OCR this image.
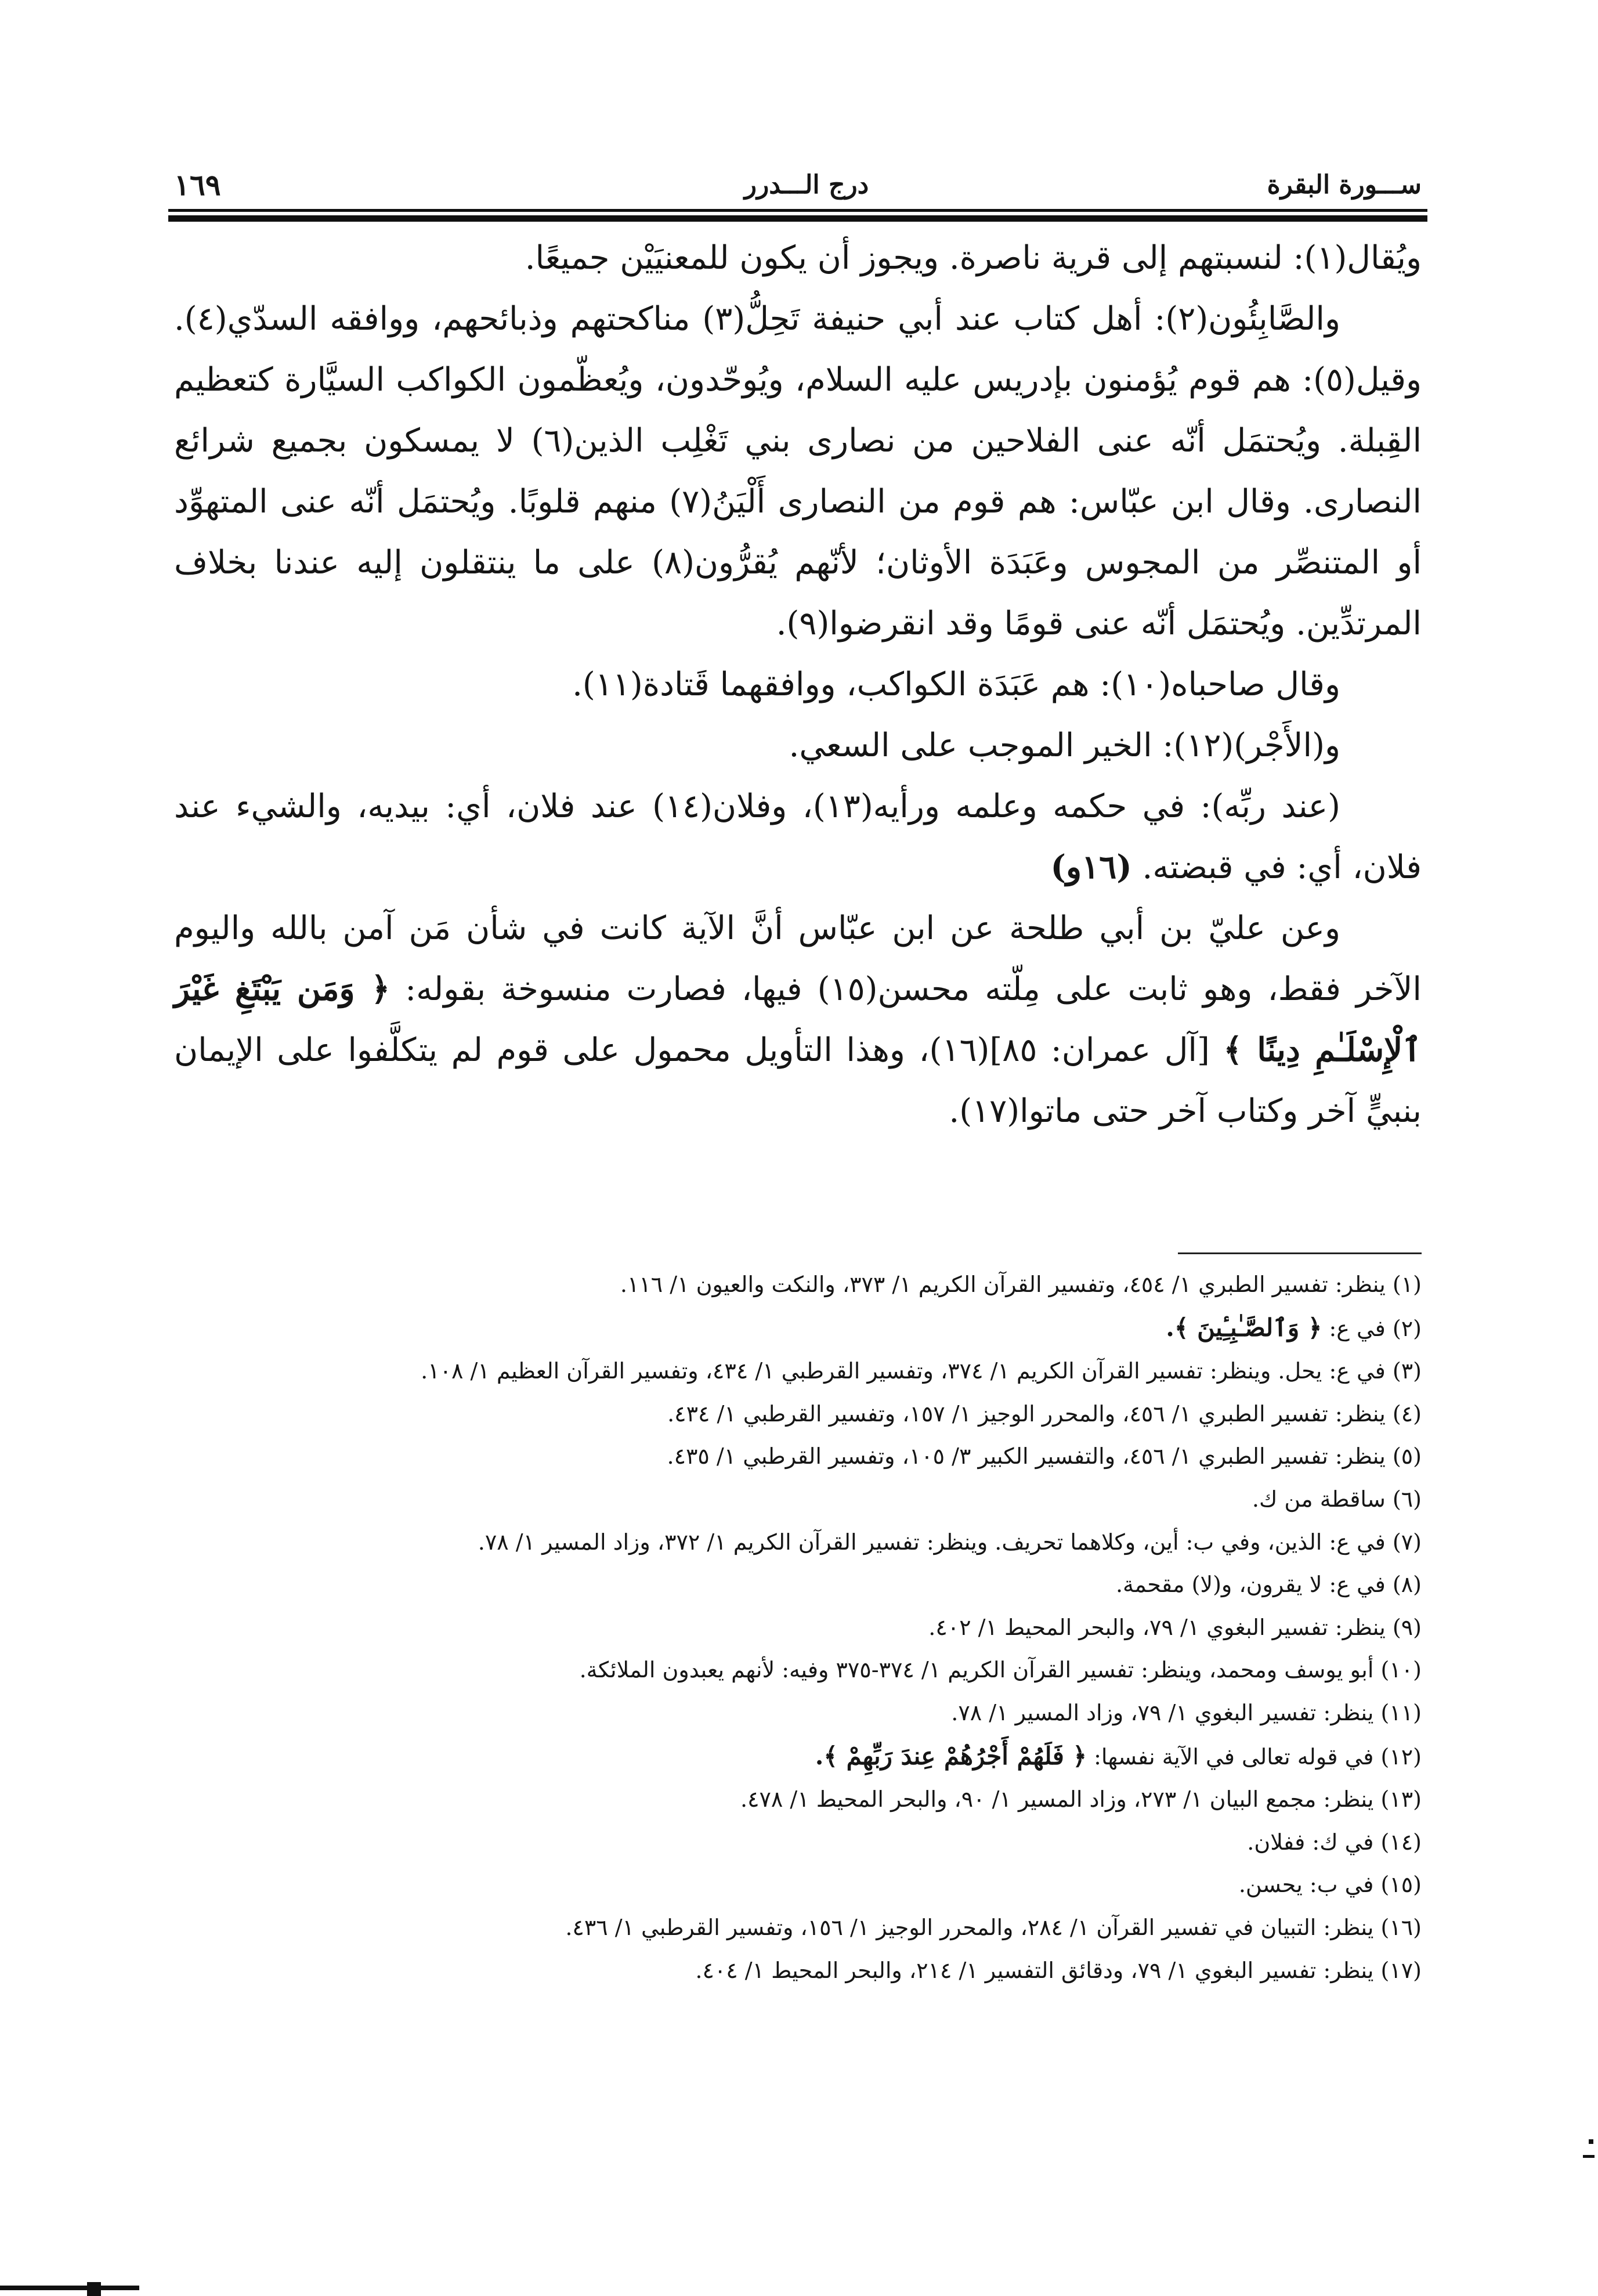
١٦٩	درج الـــدرر	ســـورة البقرة

ويُقال(١): لنسبتهم إلى قرية ناصرة. ويجوز أن يكون للمعنيَيْن جميعًا.

والصَّابِئُون(٢): أهل كتاب عند أبي حنيفة تَحِلُّ(٣) مناكحتهم وذبائحهم، ووافقه السدّي(٤). وقيل(٥): هم قوم يُؤمنون بإدريس عليه السلام، ويُوحّدون، ويُعظّمون الكواكب السيَّارة كتعظيم القِبلة. ويُحتمَل أنّه عنى الفلاحين من نصارى بني تَغْلِب الذين(٦) لا يمسكون بجميع شرائع النصارى. وقال ابن عبّاس: هم قوم من النصارى أَلْيَنُ(٧) منهم قلوبًا. ويُحتمَل أنّه عنى المتهوِّد أو المتنصِّر من المجوس وعَبَدَة الأوثان؛ لأنّهم يُقرُّون(٨) على ما ينتقلون إليه عندنا بخلاف المرتدِّين. ويُحتمَل أنّه عنى قومًا وقد انقرضوا(٩).

وقال صاحباه(١٠): هم عَبَدَة الكواكب، ووافقهما قَتادة(١١).

و(الأَجْر)(١٢): الخير الموجب على السعي.

(عند ربِّه): في حكمه وعلمه ورأيه(١٣)، وفلان(١٤) عند فلان، أي: بيديه، والشيء عند فلان، أي: في قبضته. (١٦و)

وعن عليّ بن أبي طلحة عن ابن عبّاس أنَّ الآية كانت في شأن مَن آمن بالله واليوم الآخر فقط، وهو ثابت على مِلّته محسن(١٥) فيها، فصارت منسوخة بقوله: ﴿ وَمَن يَبْتَغِ غَيْرَ ٱلْإِسْلَـٰمِ دِينًا ﴾ [آل عمران: ٨٥](١٦)، وهذا التأويل محمول على قوم لم يتكلَّفوا على الإيمان بنبيٍّ آخر وكتاب آخر حتى ماتوا(١٧).

(١) ينظر: تفسير الطبري ١/ ٤٥٤، وتفسير القرآن الكريم ١/ ٣٧٣، والنكت والعيون ١/ ١١٦.
(٢) في ع: ﴿ وَٱلصَّـٰبِـِٔينَ ﴾.
(٣) في ع: يحل. وينظر: تفسير القرآن الكريم ١/ ٣٧٤، وتفسير القرطبي ١/ ٤٣٤، وتفسير القرآن العظيم ١/ ١٠٨.
(٤) ينظر: تفسير الطبري ١/ ٤٥٦، والمحرر الوجيز ١/ ١٥٧، وتفسير القرطبي ١/ ٤٣٤.
(٥) ينظر: تفسير الطبري ١/ ٤٥٦، والتفسير الكبير ٣/ ١٠٥، وتفسير القرطبي ١/ ٤٣٥.
(٦) ساقطة من ك.
(٧) في ع: الذين، وفي ب: أين، وكلاهما تحريف. وينظر: تفسير القرآن الكريم ١/ ٣٧٢، وزاد المسير ١/ ٧٨.
(٨) في ع: لا يقرون، و(لا) مقحمة.
(٩) ينظر: تفسير البغوي ١/ ٧٩، والبحر المحيط ١/ ٤٠٢.
(١٠) أبو يوسف ومحمد، وينظر: تفسير القرآن الكريم ١/ ٣٧٤-٣٧٥ وفيه: لأنهم يعبدون الملائكة.
(١١) ينظر: تفسير البغوي ١/ ٧٩، وزاد المسير ١/ ٧٨.
(١٢) في قوله تعالى في الآية نفسها: ﴿ فَلَهُمْ أَجْرُهُمْ عِندَ رَبِّهِمْ ﴾.
(١٣) ينظر: مجمع البيان ١/ ٢٧٣، وزاد المسير ١/ ٩٠، والبحر المحيط ١/ ٤٧٨.
(١٤) في ك: ففلان.
(١٥) في ب: يحسن.
(١٦) ينظر: التبيان في تفسير القرآن ١/ ٢٨٤، والمحرر الوجيز ١/ ١٥٦، وتفسير القرطبي ١/ ٤٣٦.
(١٧) ينظر: تفسير البغوي ١/ ٧٩، ودقائق التفسير ١/ ٢١٤، والبحر المحيط ١/ ٤٠٤.
